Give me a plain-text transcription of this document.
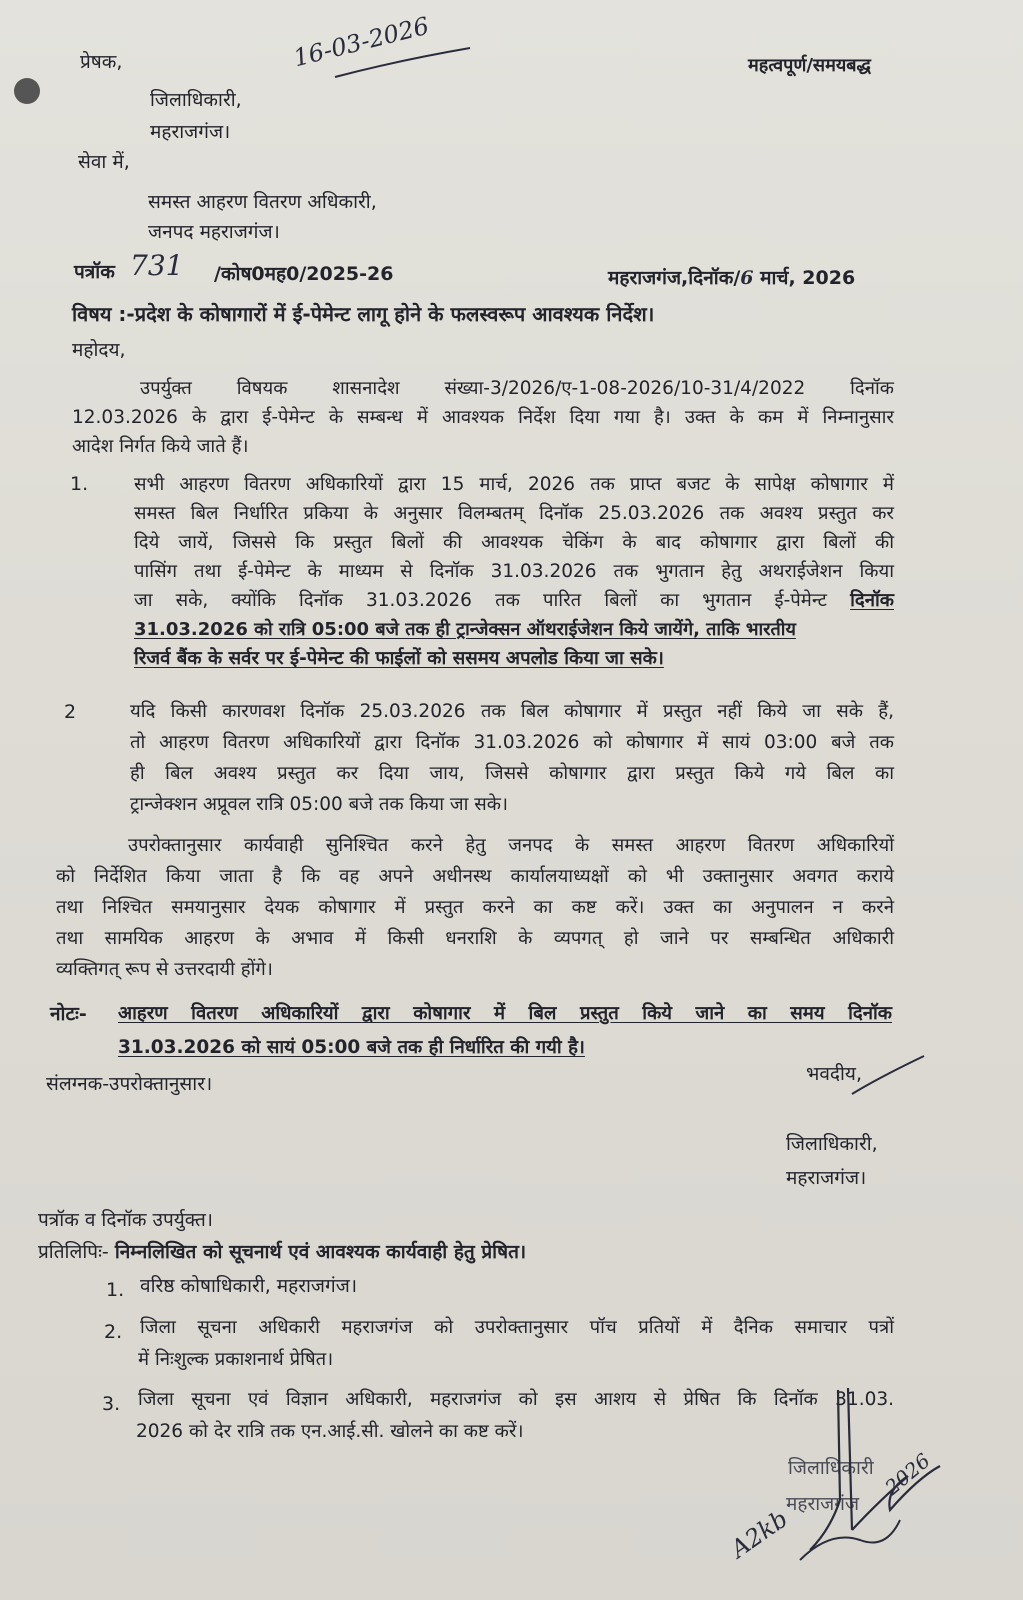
प्रेषक,	महत्वपूर्ण/समयबद्ध
16-03-2026
जिलाधिकारी,
महराजगंज।
सेवा में,
समस्त आहरण वितरण अधिकारी,
जनपद महराजगंज।
पत्रॉक 731 /कोष0मह0/2025-26	महराजगंज,दिनॉक/6 मार्च, 2026
विषय :-प्रदेश के कोषागारों में ई-पेमेन्ट लागू होने के फलस्वरूप आवश्यक निर्देश।
महोदय,

उपर्युक्त विषयक शासनादेश संख्या-3/2026/ए-1-08-2026/10-31/4/2022 दिनॉक

12.03.2026 के द्वारा ई-पेमेन्ट के सम्बन्ध में आवश्यक निर्देश दिया गया है। उक्त के कम में निम्नानुसार

आदेश निर्गत किये जाते हैं।

1. सभी आहरण वितरण अधिकारियों द्वारा 15 मार्च, 2026 तक प्राप्त बजट के सापेक्ष कोषागार में

समस्त बिल निर्धारित प्रकिया के अनुसार विलम्बतम् दिनॉक 25.03.2026 तक अवश्य प्रस्तुत कर

दिये जायें, जिससे कि प्रस्तुत बिलों की आवश्यक चेकिंग के बाद कोषागार द्वारा बिलों की

पासिंग तथा ई-पेमेन्ट के माध्यम से दिनॉक 31.03.2026 तक भुगतान हेतु अथराईजेशन किया

जा सके, क्योंकि दिनॉक 31.03.2026 तक पारित बिलों का भुगतान ई-पेमेन्ट दिनॉक

31.03.2026 को रात्रि 05:00 बजे तक ही ट्रान्जेक्सन ऑथराईजेशन किये जायेंगे, ताकि भारतीय

रिजर्व बैंक के सर्वर पर ई-पेमेन्ट की फाईलों को ससमय अपलोड किया जा सके।

2	यदि किसी कारणवश दिनॉक 25.03.2026 तक बिल कोषागार में प्रस्तुत नहीं किये जा सके हैं,

तो आहरण वितरण अधिकारियों द्वारा दिनॉक 31.03.2026 को कोषागार में सायं 03:00 बजे तक

ही बिल अवश्य प्रस्तुत कर दिया जाय, जिससे कोषागार द्वारा प्रस्तुत किये गये बिल का

ट्रान्जेक्शन अप्रूवल रात्रि 05:00 बजे तक किया जा सके।

उपरोक्तानुसार कार्यवाही सुनिश्चित करने हेतु जनपद के समस्त आहरण वितरण अधिकारियों

को निर्देशित किया जाता है कि वह अपने अधीनस्थ कार्यालयाध्यक्षों को भी उक्तानुसार अवगत कराये

तथा निश्चित समयानुसार देयक कोषागार में प्रस्तुत करने का कष्ट करें। उक्त का अनुपालन न करने

तथा सामयिक आहरण के अभाव में किसी धनराशि के व्यपगत् हो जाने पर सम्बन्धित अधिकारी

व्यक्तिगत् रूप से उत्तरदायी होंगे।

नोटः- आहरण वितरण अधिकारियों द्वारा कोषागार में बिल प्रस्तुत किये जाने का समय दिनॉक
31.03.2026 को सायं 05:00 बजे तक ही निर्धारित की गयी है।
संलग्नक-उपरोक्तानुसार।	भवदीय,
जिलाधिकारी,
महराजगंज।
पत्रॉक व दिनॉक उपर्युक्त।
प्रतिलिपिः- निम्नलिखित को सूचनार्थ एवं आवश्यक कार्यवाही हेतु प्रेषित।
1. वरिष्ठ कोषाधिकारी, महराजगंज।
2. जिला सूचना अधिकारी महराजगंज को उपरोक्तानुसार पॉच प्रतियों में दैनिक समाचार पत्रों
में निःशुल्क प्रकाशनार्थ प्रेषित।
3. जिला सूचना एवं विज्ञान अधिकारी, महराजगंज को इस आशय से प्रेषित कि दिनॉक 31.03.
2026 को देर रात्रि तक एन.आई.सी. खोलने का कष्ट करें।
जिलाधिकारी
महराजगंज
A2kb
2026
